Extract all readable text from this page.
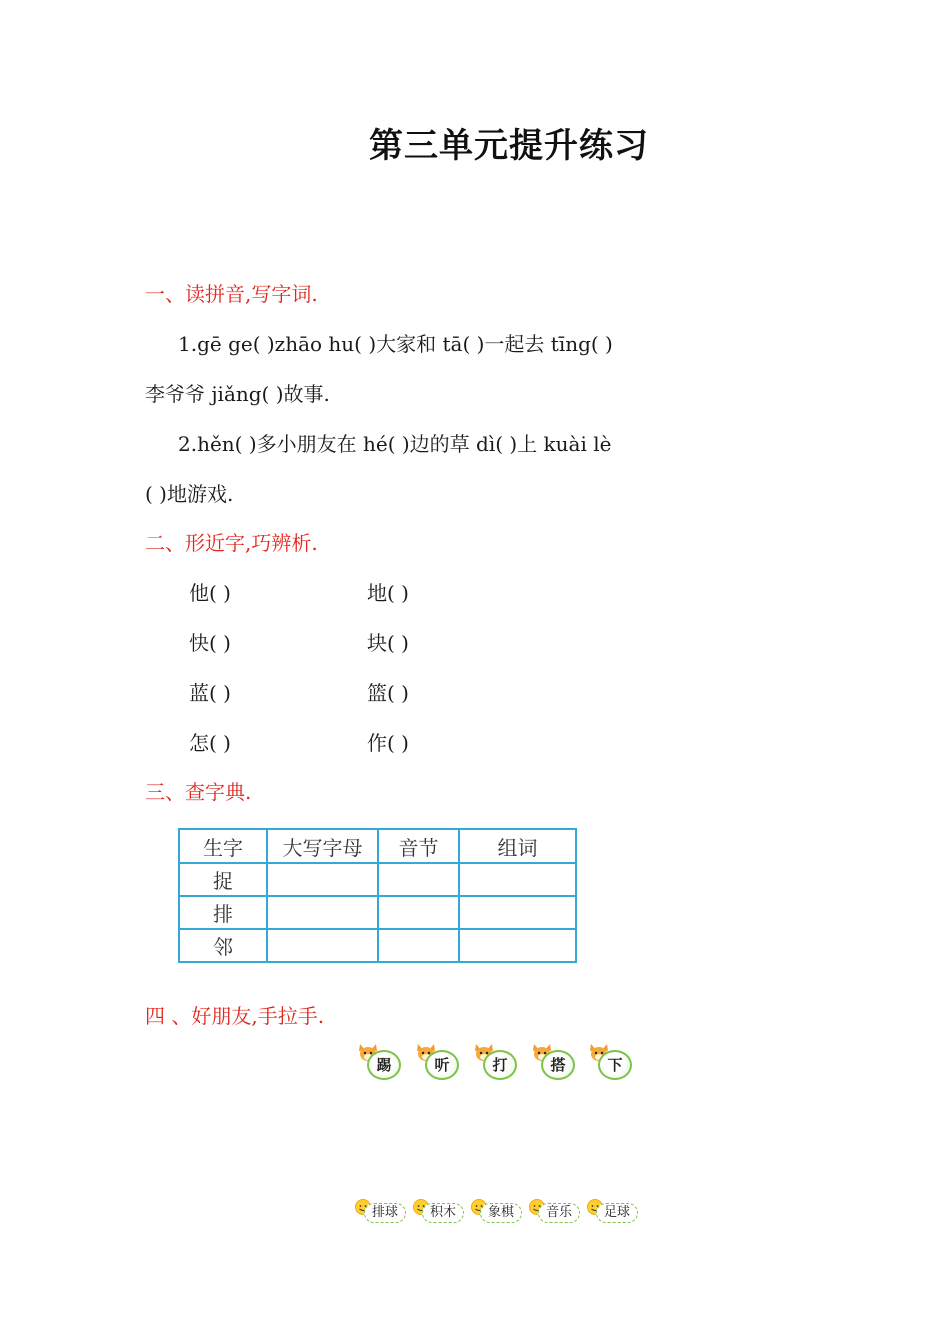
第三单元提升练习
一、读拼音,写字词.
1.gē ge( )zhāo hu( )大家和 tā( )一起去 tīng( )
李爷爷 jiǎng( )故事.
2.hěn( )多小朋友在 hé( )边的草 dì( )上 kuài lè
( )地游戏.
二、形近字,巧辨析.
他( )	地( )
快( )	块( )
蓝( )	篮( )
怎( )	作( )
三、查字典.
生字	大写字母	音节	组词
捉			
排			
邻			
四 、好朋友,手拉手.
踢	听	打	搭	下
排球	积木	象棋	音乐	足球
